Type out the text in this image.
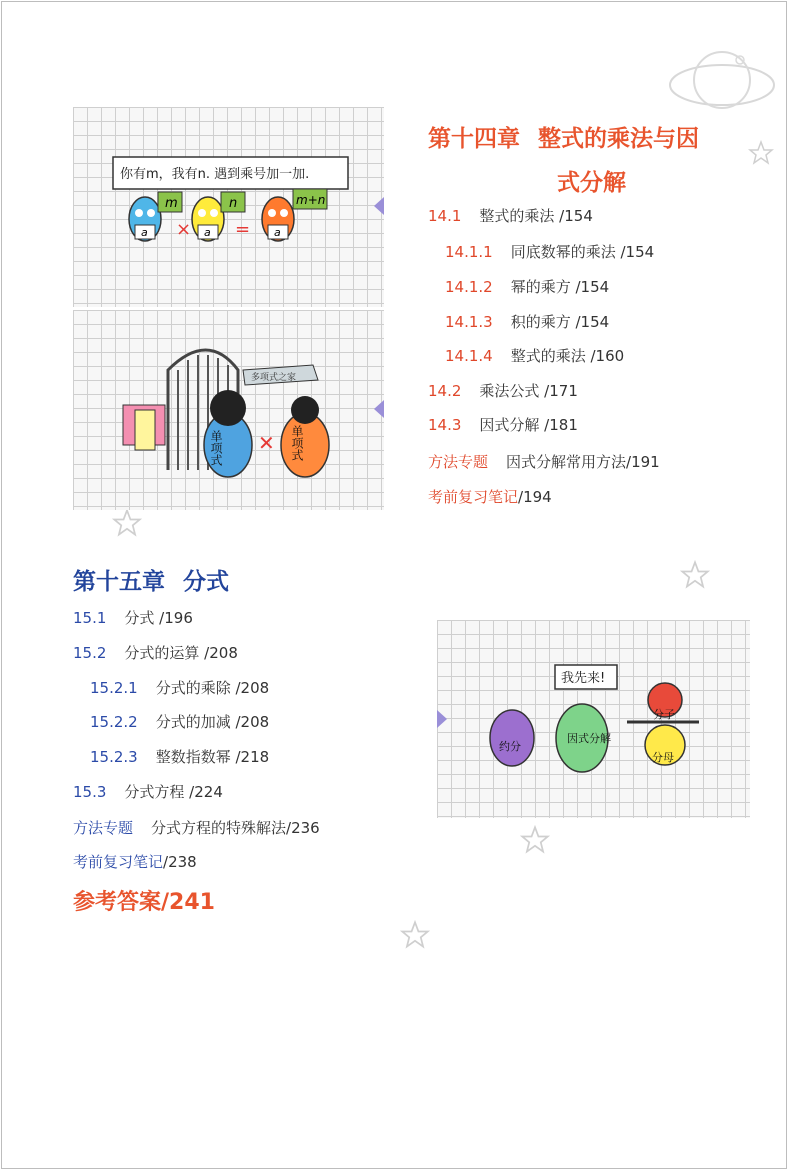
你有m，我有n. 遇到乘号加一加.
m
a ×
n
a =
m+n
a
多项式之家
单项式 ✕ 单项式
第十四章 整式的乘法与因
式分解
14.1 整式的乘法 /154
14.1.1 同底数幂的乘法 /154
14.1.2 幂的乘方 /154
14.1.3 积的乘方 /154
14.1.4 整式的乘法 /160
14.2 乘法公式 /171
14.3 因式分解 /181
方法专题 因式分解常用方法/191
考前复习笔记/194
第十五章 分式
15.1 分式 /196
15.2 分式的运算 /208
15.2.1 分式的乘除 /208
15.2.2 分式的加减 /208
15.2.3 整数指数幂 /218
15.3 分式方程 /224
方法专题 分式方程的特殊解法/236
考前复习笔记/238
参考答案/241
我先来!
约分
因式分解
分子
分母
